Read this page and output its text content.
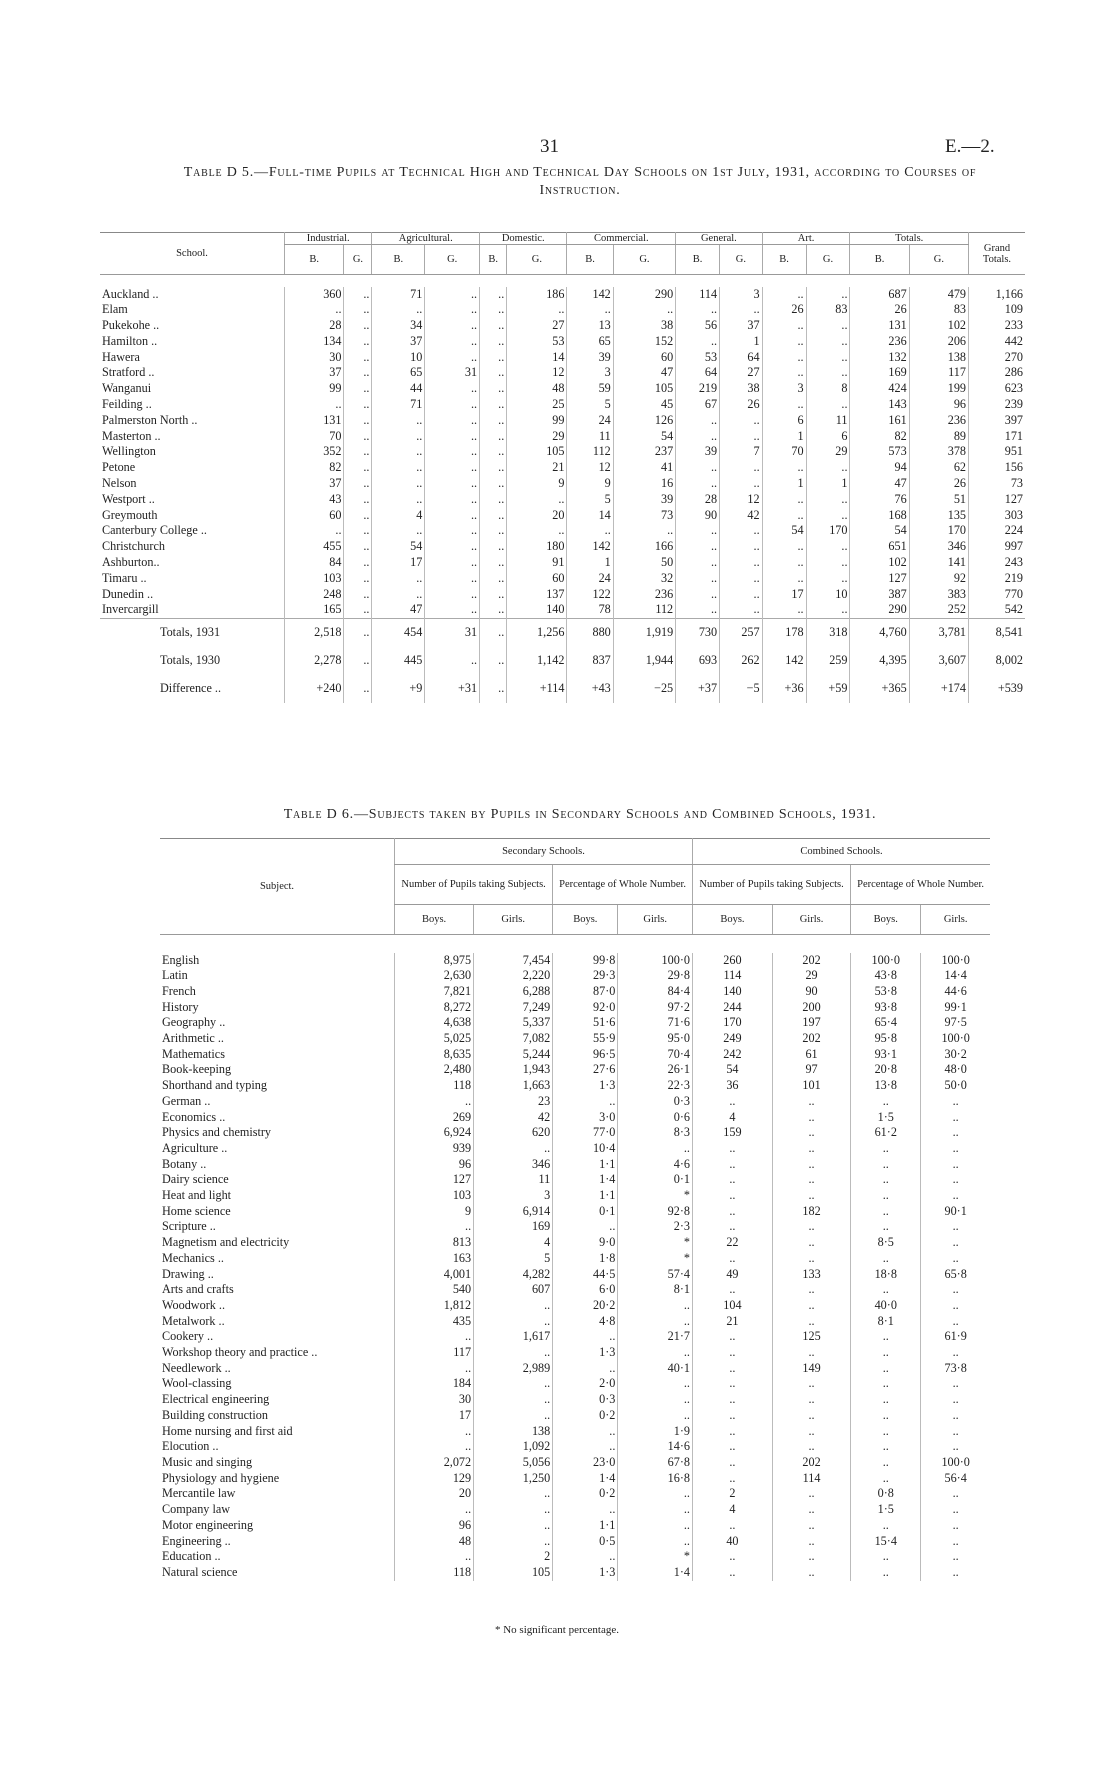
31	E.—2.
Table D 5.—Full-time Pupils at Technical High and Technical Day Schools on 1st July, 1931, according to Courses of Instruction.
School.	Industrial.		Agricultural.		Domestic.		Commercial.		General.		Art.		Totals.		Grand Totals.
	B.	G.	B.	G.	B.	G.	B.	G.	B.	G.	B.	G.	B.	G.	

Auckland ..	360	..	71	..	..	186	142	290	114	3	..	..	687	479	1,166
Elam	..	..	..	..	..	..	..	..	..	..	26	83	26	83	109
Pukekohe ..	28	..	34	..	..	27	13	38	56	37	..	..	131	102	233
Hamilton ..	134	..	37	..	..	53	65	152	..	1	..	..	236	206	442
Hawera	30	..	10	..	..	14	39	60	53	64	..	..	132	138	270
Stratford ..	37	..	65	31	..	12	3	47	64	27	..	..	169	117	286
Wanganui	99	..	44	..	..	48	59	105	219	38	3	8	424	199	623
Feilding ..	..	..	71	..	..	25	5	45	67	26	..	..	143	96	239
Palmerston North ..	131	..	..	..	..	99	24	126	..	..	6	11	161	236	397
Masterton ..	70	..	..	..	..	29	11	54	..	..	1	6	82	89	171
Wellington	352	..	..	..	..	105	112	237	39	7	70	29	573	378	951
Petone	82	..	..	..	..	21	12	41	..	..	..	..	94	62	156
Nelson	37	..	..	..	..	9	9	16	..	..	1	1	47	26	73
Westport ..	43	..	..	..	..	..	5	39	28	12	..	..	76	51	127
Greymouth	60	..	4	..	..	20	14	73	90	42	..	..	168	135	303
Canterbury College ..	..	..	..	..	..	..	..	..	..	..	54	170	54	170	224
Christchurch	455	..	54	..	..	180	142	166	..	..	..	..	651	346	997
Ashburton..	84	..	17	..	..	91	1	50	..	..	..	..	102	141	243
Timaru ..	103	..	..	..	..	60	24	32	..	..	..	..	127	92	219
Dunedin ..	248	..	..	..	..	137	122	236	..	..	17	10	387	383	770
Invercargill	165	..	47	..	..	140	78	112	..	..	..	..	290	252	542
Totals, 1931	2,518	..	454	31	..	1,256	880	1,919	730	257	178	318	4,760	3,781	8,541
Totals, 1930	2,278	..	445	..	..	1,142	837	1,944	693	262	142	259	4,395	3,607	8,002
Difference ..	+240	..	+9	+31	..	+114	+43	−25	+37	−5	+36	+59	+365	+174	+539
Table D 6.—Subjects taken by Pupils in Secondary Schools and Combined Schools, 1931.
Subject.	Secondary Schools.				Combined Schools.			
	Number of Pupils taking Subjects.		Percentage of Whole Number.		Number of Pupils taking Subjects.		Percentage of Whole Number.	
	Boys.	Girls.	Boys.	Girls.	Boys.	Girls.	Boys.	Girls.

English	8,975	7,454	99·8	100·0	260	202	100·0	100·0
Latin	2,630	2,220	29·3	29·8	114	29	43·8	14·4
French	7,821	6,288	87·0	84·4	140	90	53·8	44·6
History	8,272	7,249	92·0	97·2	244	200	93·8	99·1
Geography ..	4,638	5,337	51·6	71·6	170	197	65·4	97·5
Arithmetic ..	5,025	7,082	55·9	95·0	249	202	95·8	100·0
Mathematics	8,635	5,244	96·5	70·4	242	61	93·1	30·2
Book-keeping	2,480	1,943	27·6	26·1	54	97	20·8	48·0
Shorthand and typing	118	1,663	1·3	22·3	36	101	13·8	50·0
German ..	..	23	..	0·3	..	..	..	..
Economics ..	269	42	3·0	0·6	4	..	1·5	..
Physics and chemistry	6,924	620	77·0	8·3	159	..	61·2	..
Agriculture ..	939	..	10·4	..	..	..	..	..
Botany ..	96	346	1·1	4·6	..	..	..	..
Dairy science	127	11	1·4	0·1	..	..	..	..
Heat and light	103	3	1·1	*	..	..	..	..
Home science	9	6,914	0·1	92·8	..	182	..	90·1
Scripture ..	..	169	..	2·3	..	..	..	..
Magnetism and electricity	813	4	9·0	*	22	..	8·5	..
Mechanics ..	163	5	1·8	*	..	..	..	..
Drawing ..	4,001	4,282	44·5	57·4	49	133	18·8	65·8
Arts and crafts	540	607	6·0	8·1	..	..	..	..
Woodwork ..	1,812	..	20·2	..	104	..	40·0	..
Metalwork ..	435	..	4·8	..	21	..	8·1	..
Cookery ..	..	1,617	..	21·7	..	125	..	61·9
Workshop theory and practice ..	117	..	1·3	..	..	..	..	..
Needlework ..	..	2,989	..	40·1	..	149	..	73·8
Wool-classing	184	..	2·0	..	..	..	..	..
Electrical engineering	30	..	0·3	..	..	..	..	..
Building construction	17	..	0·2	..	..	..	..	..
Home nursing and first aid	..	138	..	1·9	..	..	..	..
Elocution ..	..	1,092	..	14·6	..	..	..	..
Music and singing	2,072	5,056	23·0	67·8	..	202	..	100·0
Physiology and hygiene	129	1,250	1·4	16·8	..	114	..	56·4
Mercantile law	20	..	0·2	..	2	..	0·8	..
Company law	..	..	..	..	4	..	1·5	..
Motor engineering	96	..	1·1	..	..	..	..	..
Engineering ..	48	..	0·5	..	40	..	15·4	..
Education ..	..	2	..	*	..	..	..	..
Natural science	118	105	1·3	1·4	..	..	..	..
* No significant percentage.
